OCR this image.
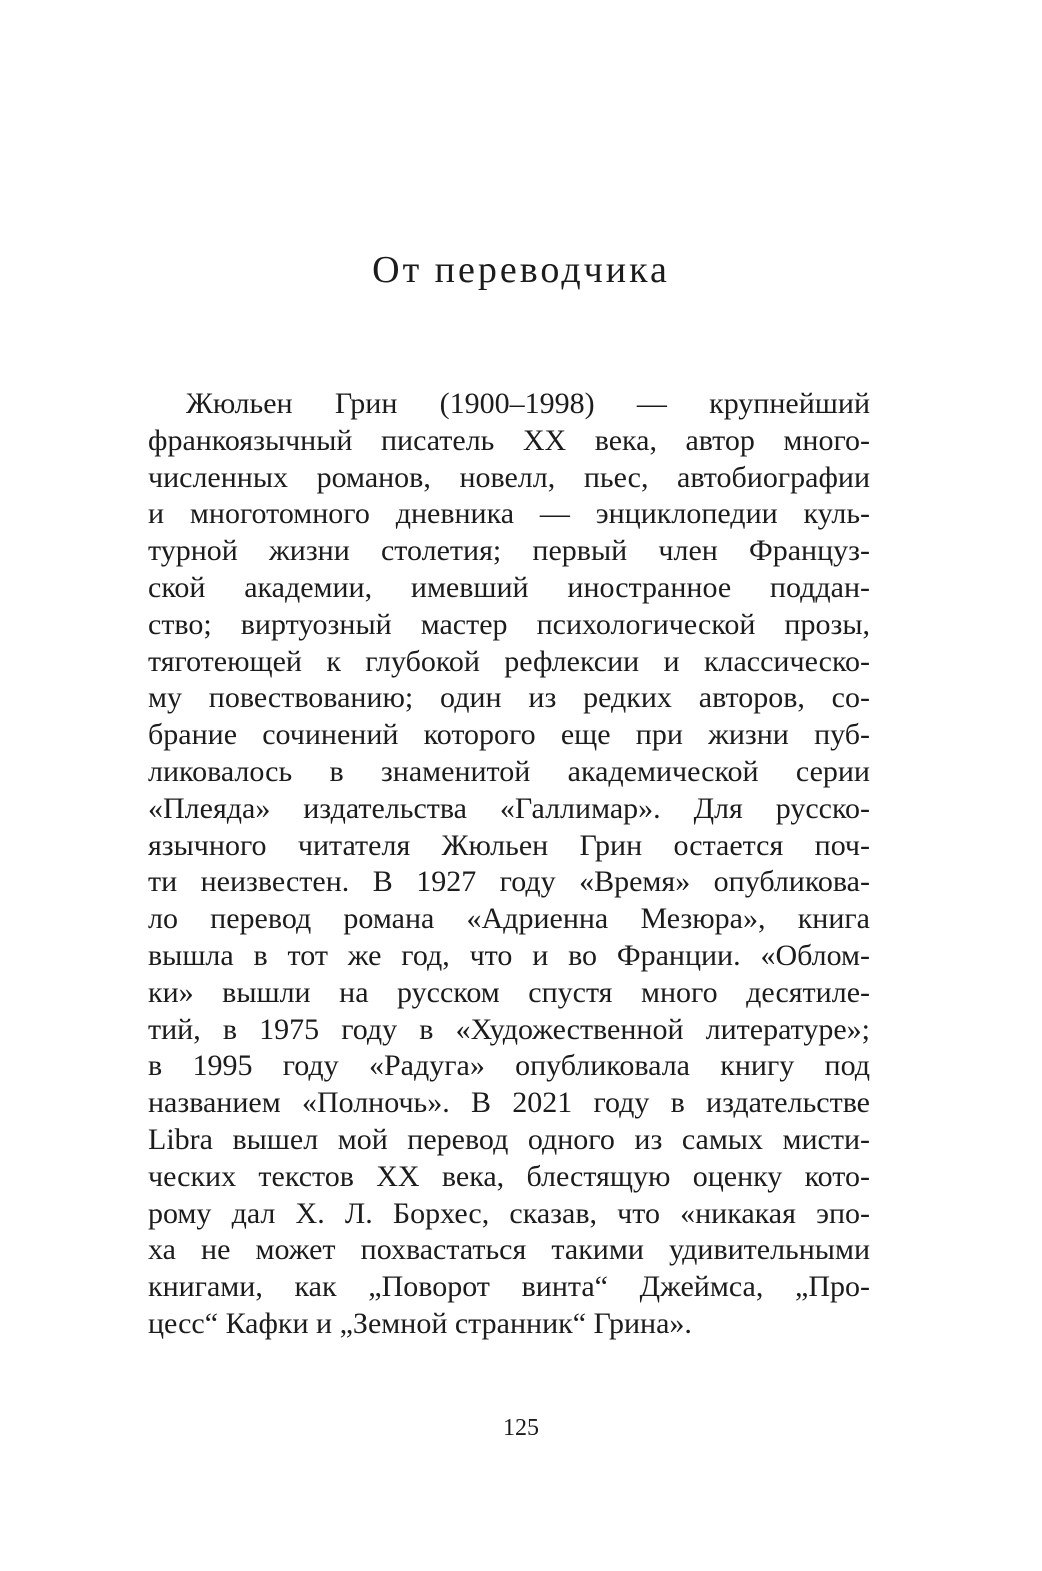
От переводчика
Жюльен Грин (1900–1998) — крупнейший
франкоязычный писатель XX века, автор много-
численных романов, новелл, пьес, автобиографии
и многотомного дневника — энциклопедии куль-
турной жизни столетия; первый член Француз-
ской академии, имевший иностранное поддан-
ство; виртуозный мастер психологической прозы,
тяготеющей к глубокой рефлексии и классическо-
му повествованию; один из редких авторов, со-
брание сочинений которого еще при жизни пуб-
ликовалось в знаменитой академической серии
«Плеяда» издательства «Галлимар». Для русско-
язычного читателя Жюльен Грин остается поч-
ти неизвестен. В 1927 году «Время» опубликова-
ло перевод романа «Адриенна Мезюра», книга
вышла в тот же год, что и во Франции. «Облом-
ки» вышли на русском спустя много десятиле-
тий, в 1975 году в «Художественной литературе»;
в 1995 году «Радуга» опубликовала книгу под
названием «Полночь». В 2021 году в издательстве
Libra вышел мой перевод одного из самых мисти-
ческих текстов XX века, блестящую оценку кото-
рому дал Х. Л. Борхес, сказав, что «никакая эпо-
ха не может похвастаться такими удивительными
книгами, как „Поворот винта“ Джеймса, „Про-
цесс“ Кафки и „Земной странник“ Грина».
125
